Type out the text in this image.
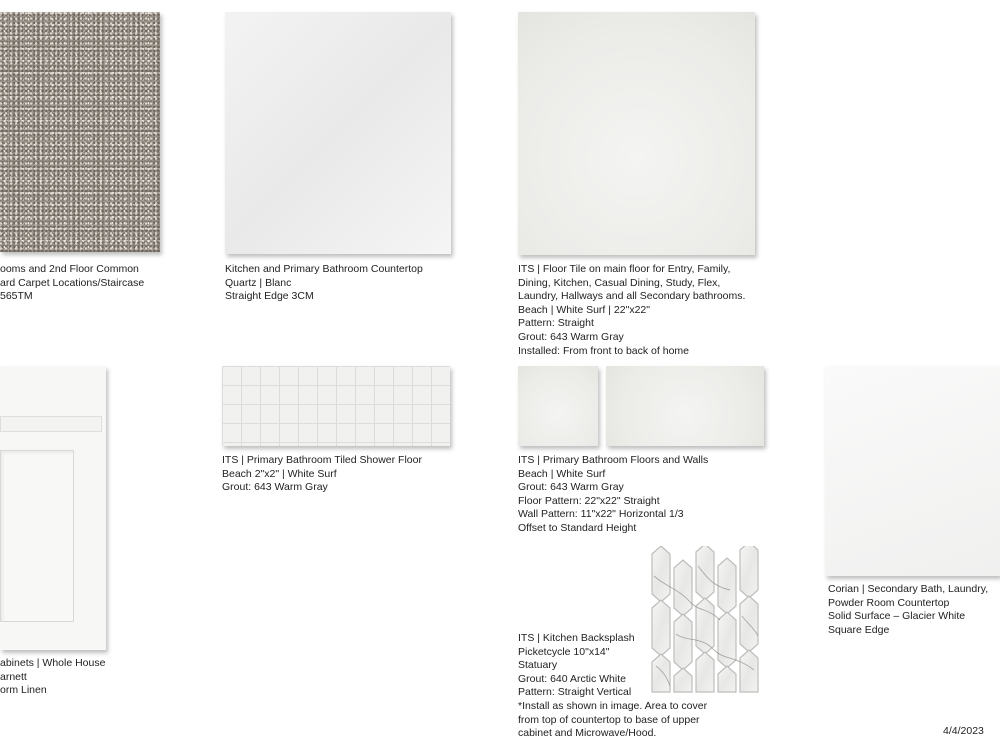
ooms and 2nd Floor Common
ard Carpet Locations/Staircase
565TM
Kitchen and Primary Bathroom Countertop
Quartz | Blanc
Straight Edge 3CM
ITS | Floor Tile on main floor for Entry, Family,
Dining, Kitchen, Casual Dining, Study, Flex,
Laundry, Hallways and all Secondary bathrooms.
Beach | White Surf | 22"x22"
Pattern: Straight
Grout: 643 Warm Gray
Installed: From front to back of home
ITS | Primary Bathroom Tiled Shower Floor
Beach 2"x2" | White Surf
Grout: 643 Warm Gray
ITS | Primary Bathroom Floors and Walls
Beach | White Surf
Grout: 643 Warm Gray
Floor Pattern: 22"x22" Straight
Wall Pattern: 11"x22" Horizontal 1/3
Offset to Standard Height
Corian | Secondary Bath, Laundry,
Powder Room Countertop
Solid Surface – Glacier White
Square Edge
ITS | Kitchen Backsplash
Picketcycle 10"x14"
Statuary
Grout: 640 Arctic White
Pattern: Straight Vertical
*Install as shown in image. Area to cover
from top of countertop to base of upper
cabinet and Microwave/Hood.
abinets | Whole House
arnett
orm Linen
4/4/2023
